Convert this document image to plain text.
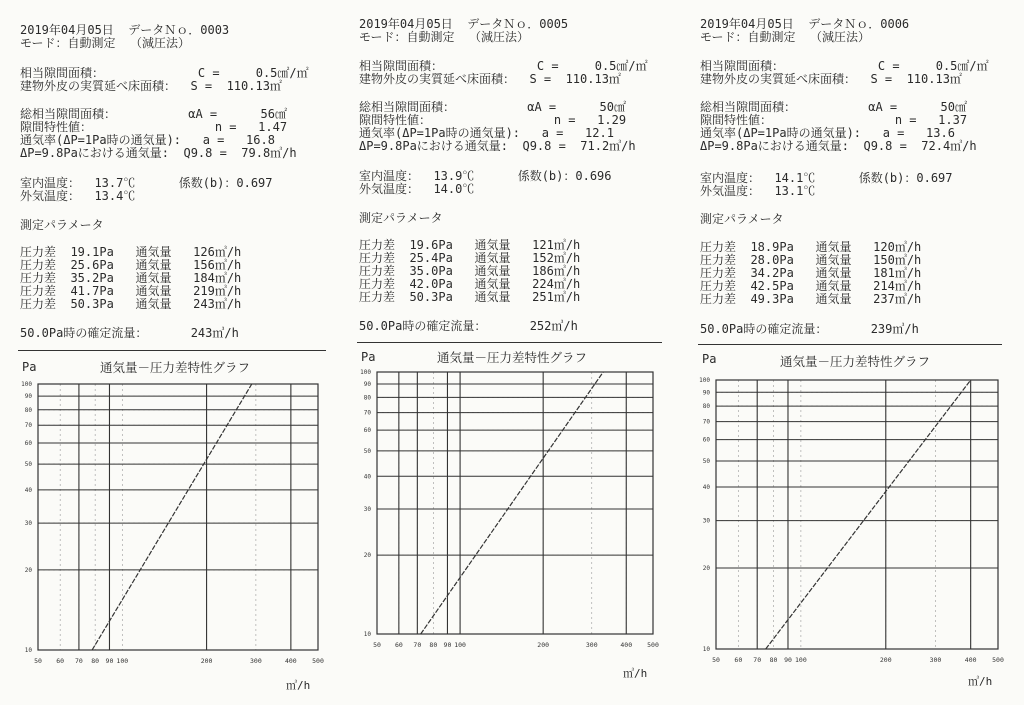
2019年04月05日  データＮｏ．0003
モード：自動測定  （減圧法）
相当隙間面積：             C =     0.5㎠/㎡
建物外皮の実質延べ床面積：  S =  110.13㎡
総相当隙間面積：          αA =      56㎠
隙間特性値：                 n =   1.47
通気率(ΔP=1Pa時の通気量):   a =   16.8
ΔP=9.8Paにおける通気量:  Q9.8 =  79.8㎥/h
室内温度：  13.7℃      係数(b)：0.697
外気温度：  13.4℃
測定パラメータ
圧力差  19.1Pa   通気量   126㎥/h
圧力差  25.6Pa   通気量   156㎥/h
圧力差  35.2Pa   通気量   184㎥/h
圧力差  41.7Pa   通気量   219㎥/h
圧力差  50.3Pa   通気量   243㎥/h
50.0Pa時の確定流量：      243㎥/h
Pa	通気量－圧力差特性グラフ
50 60 70 80 90 100	200	300	400 500
10
20
30
40
50
60
70
80
90
100
㎥/h
2019年04月05日  データＮｏ．0005
モード：自動測定  （減圧法）
相当隙間面積：             C =     0.5㎠/㎡
建物外皮の実質延べ床面積：  S =  110.13㎡
総相当隙間面積：          αA =      50㎠
隙間特性値：                 n =   1.29
通気率(ΔP=1Pa時の通気量):   a =   12.1
ΔP=9.8Paにおける通気量:  Q9.8 =  71.2㎥/h
室内温度：  13.9℃      係数(b)：0.696
外気温度：  14.0℃
測定パラメータ
圧力差  19.6Pa   通気量   121㎥/h
圧力差  25.4Pa   通気量   152㎥/h
圧力差  35.0Pa   通気量   186㎥/h
圧力差  42.0Pa   通気量   224㎥/h
圧力差  50.3Pa   通気量   251㎥/h
50.0Pa時の確定流量：      252㎥/h
Pa	通気量－圧力差特性グラフ
50 60 70 80 90 100	200	300	400 500
10
20
30
40
50
60
70
80
90
100
㎥/h
2019年04月05日  データＮｏ．0006
モード：自動測定  （減圧法）
相当隙間面積：             C =     0.5㎠/㎡
建物外皮の実質延べ床面積：  S =  110.13㎡
総相当隙間面積：          αA =      50㎠
隙間特性値：                 n =   1.37
通気率(ΔP=1Pa時の通気量):   a =   13.6
ΔP=9.8Paにおける通気量:  Q9.8 =  72.4㎥/h
室内温度：  14.1℃      係数(b)：0.697
外気温度：  13.1℃
測定パラメータ
圧力差  18.9Pa   通気量   120㎥/h
圧力差  28.0Pa   通気量   150㎥/h
圧力差  34.2Pa   通気量   181㎥/h
圧力差  42.5Pa   通気量   214㎥/h
圧力差  49.3Pa   通気量   237㎥/h
50.0Pa時の確定流量：      239㎥/h
Pa	通気量－圧力差特性グラフ
50 60 70 80 90 100	200	300	400 500
10
20
30
40
50
60
70
80
90
100
㎥/h
